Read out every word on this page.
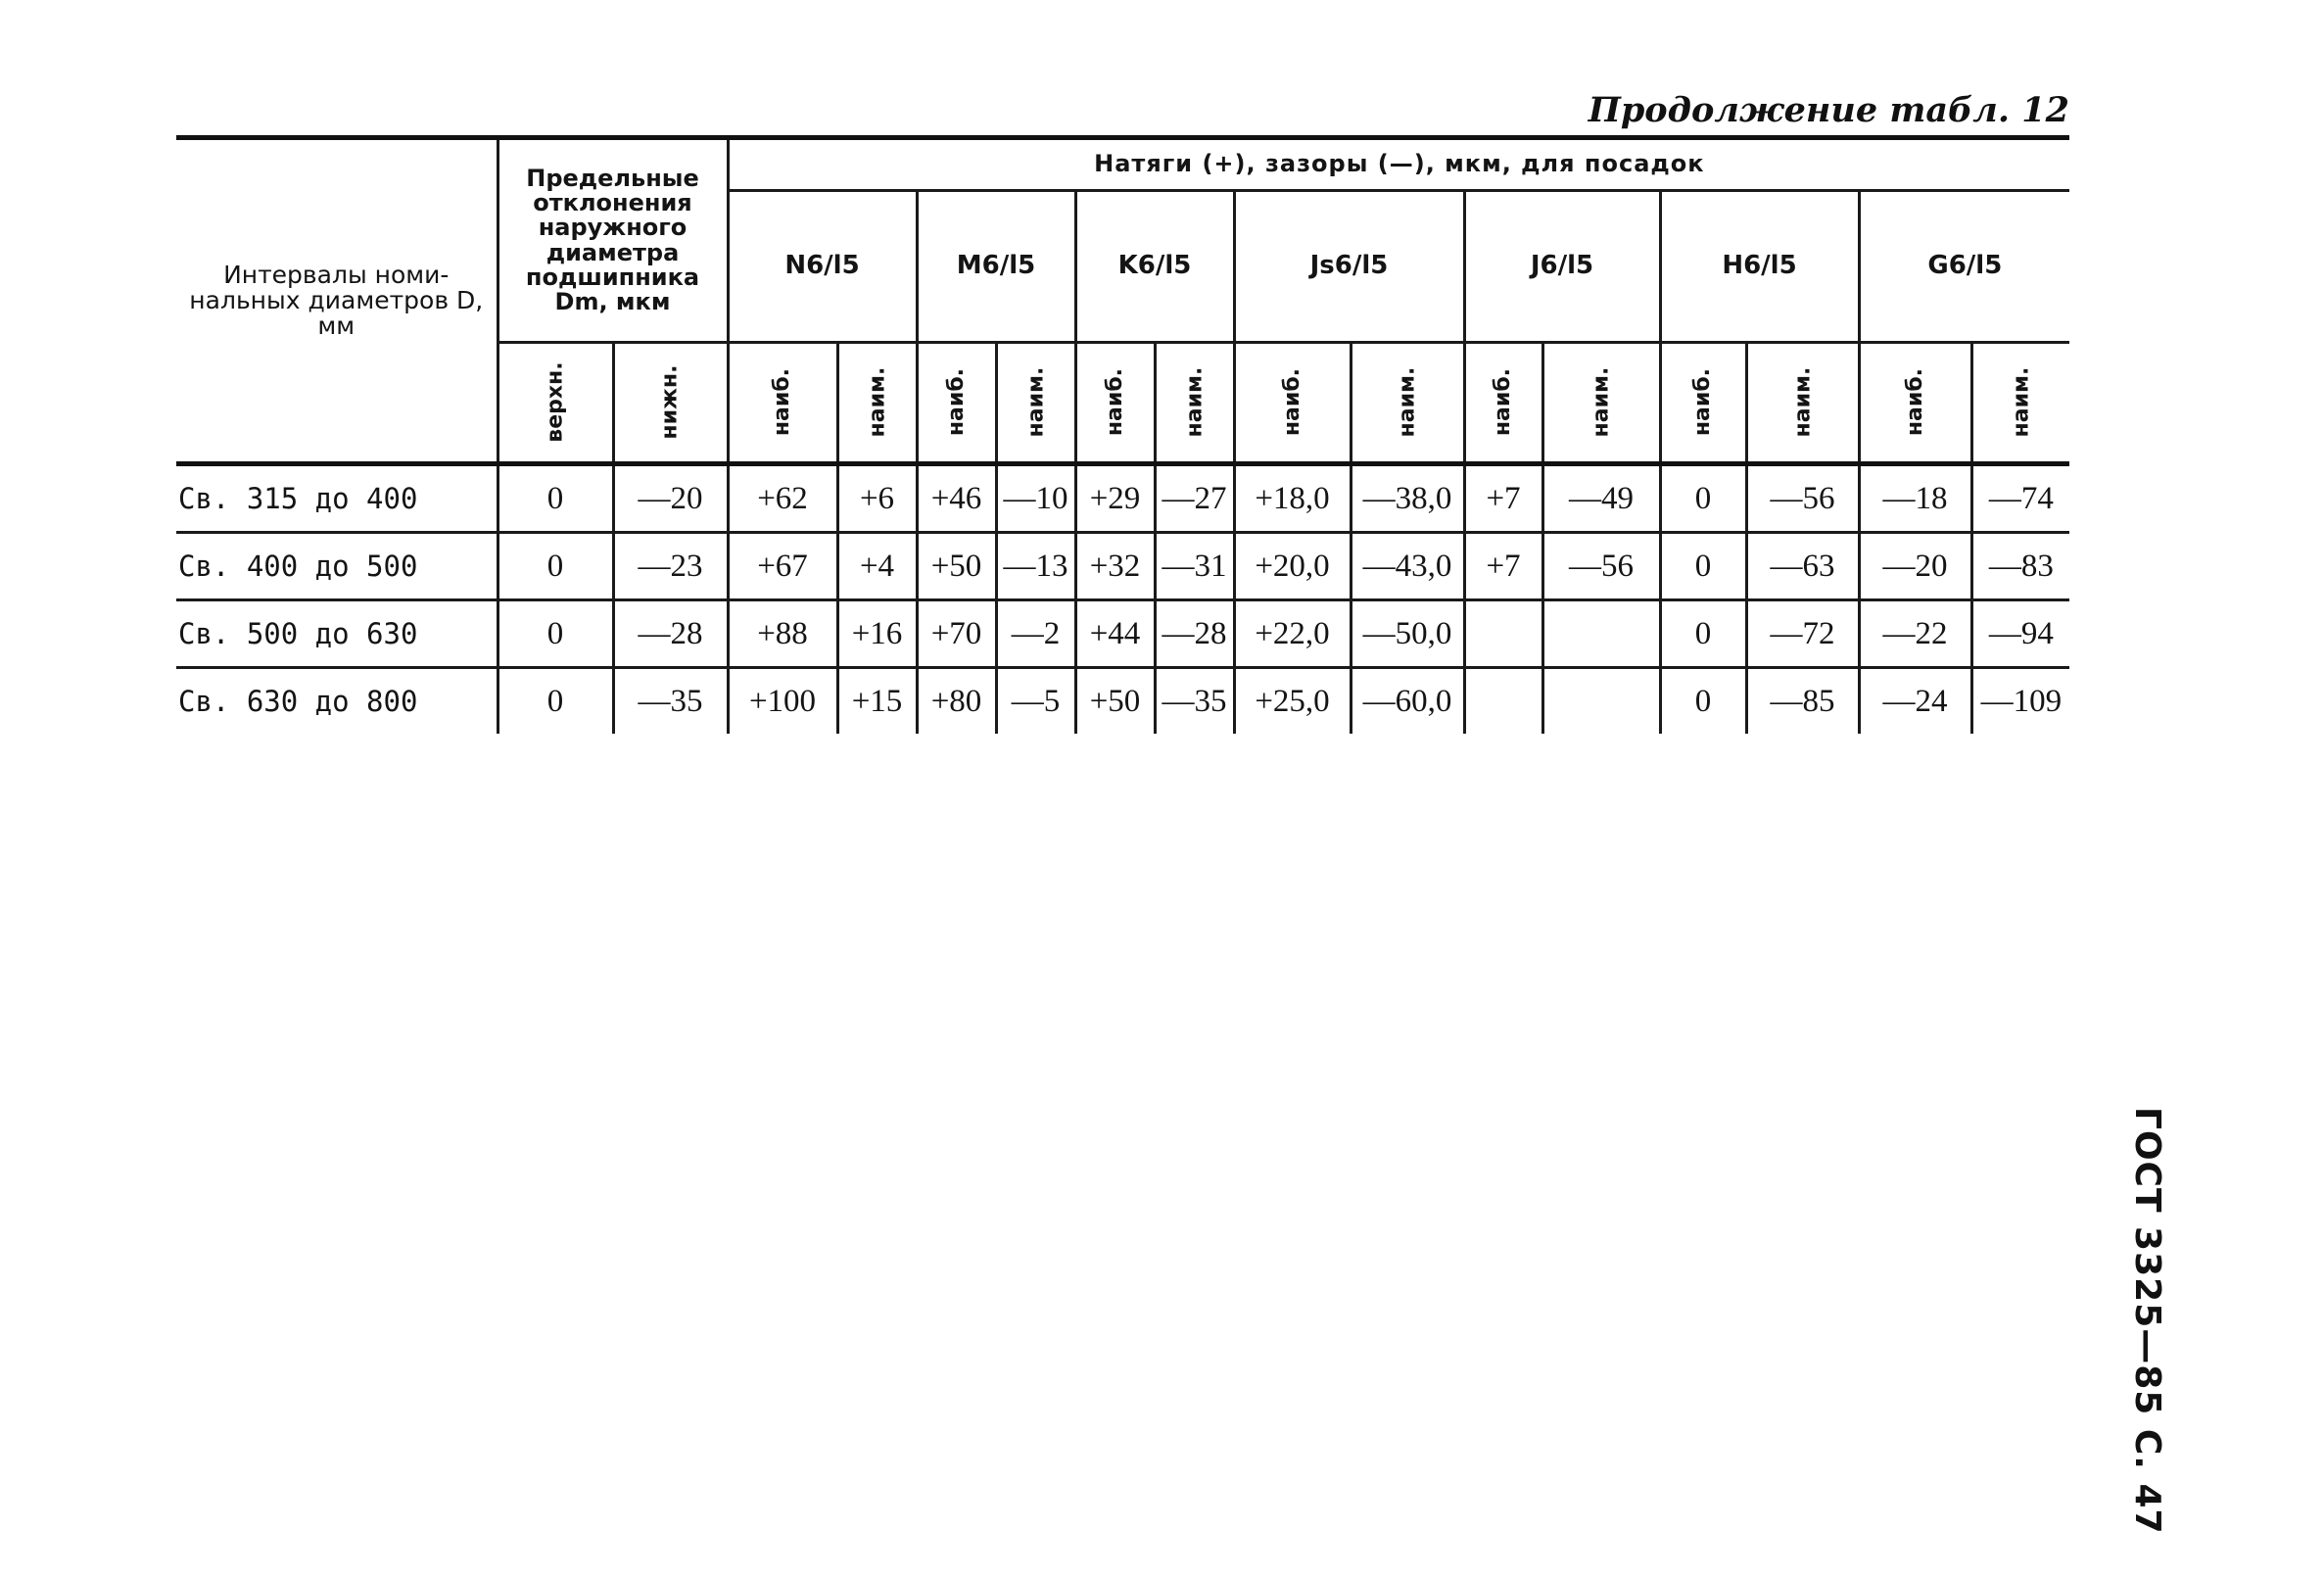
Продолжение табл. 12
Интервалы номи-нальных диаметров D, мм	Предельные отклонения наружного диаметра подшипника Dm, мкм		Натяги (+), зазоры (—), мкм, для посадок													
			N6/l5		M6/l5		K6/l5		Js6/l5		J6/l5		H6/l5		G6/l5	
	верхн.	нижн.	наиб.	наим.	наиб.	наим.	наиб.	наим.	наиб.	наим.	наиб.	наим.	наиб.	наим.	наиб.	наим.
Св. 315 до 400	0	—20	+62	+6	+46	—10	+29	—27	+18,0	—38,0	+7	—49	0	—56	—18	—74
Св. 400 до 500	0	—23	+67	+4	+50	—13	+32	—31	+20,0	—43,0	+7	—56	0	—63	—20	—83
Св. 500 до 630	0	—28	+88	+16	+70	—2	+44	—28	+22,0	—50,0			0	—72	—22	—94
Св. 630 до 800	0	—35	+100	+15	+80	—5	+50	—35	+25,0	—60,0			0	—85	—24	—109
ГОСТ 3325—85 С. 47
